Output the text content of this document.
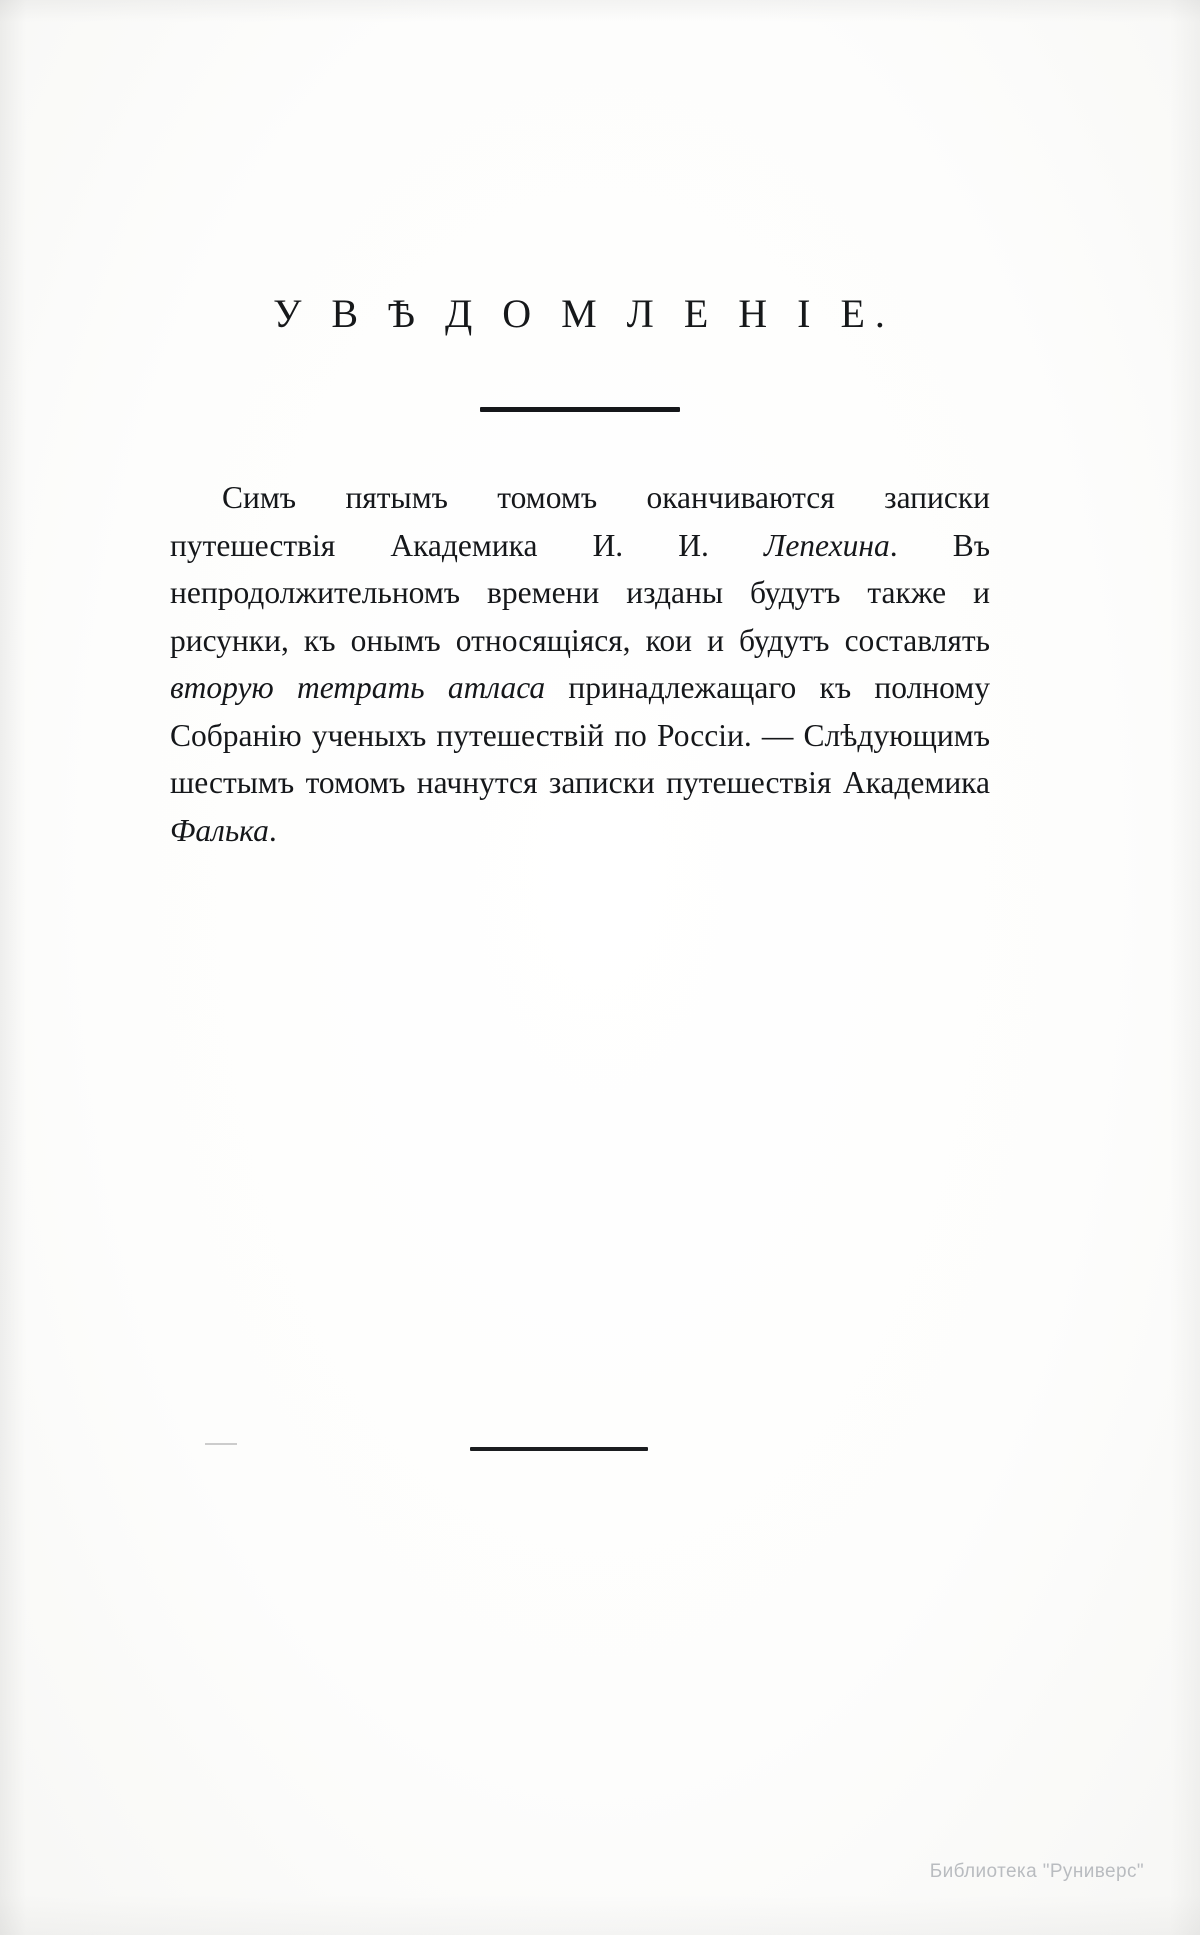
У В Ѣ Д О М Л Е Н І Е.
Симъ пятымъ томомъ оканчиваются записки путешествія Академика И. И. Лепехина. Въ непродолжительномъ времени изданы будутъ также и рисунки, къ онымъ относящіяся, кои и будутъ составлять вторую тетрать атласа принадлежащаго къ полному Собранію ученыхъ путешествій по Россіи. — Слѣдующимъ шестымъ томомъ начнутся записки путешествія Академика Фалька.
Библиотека "Руниверс"
